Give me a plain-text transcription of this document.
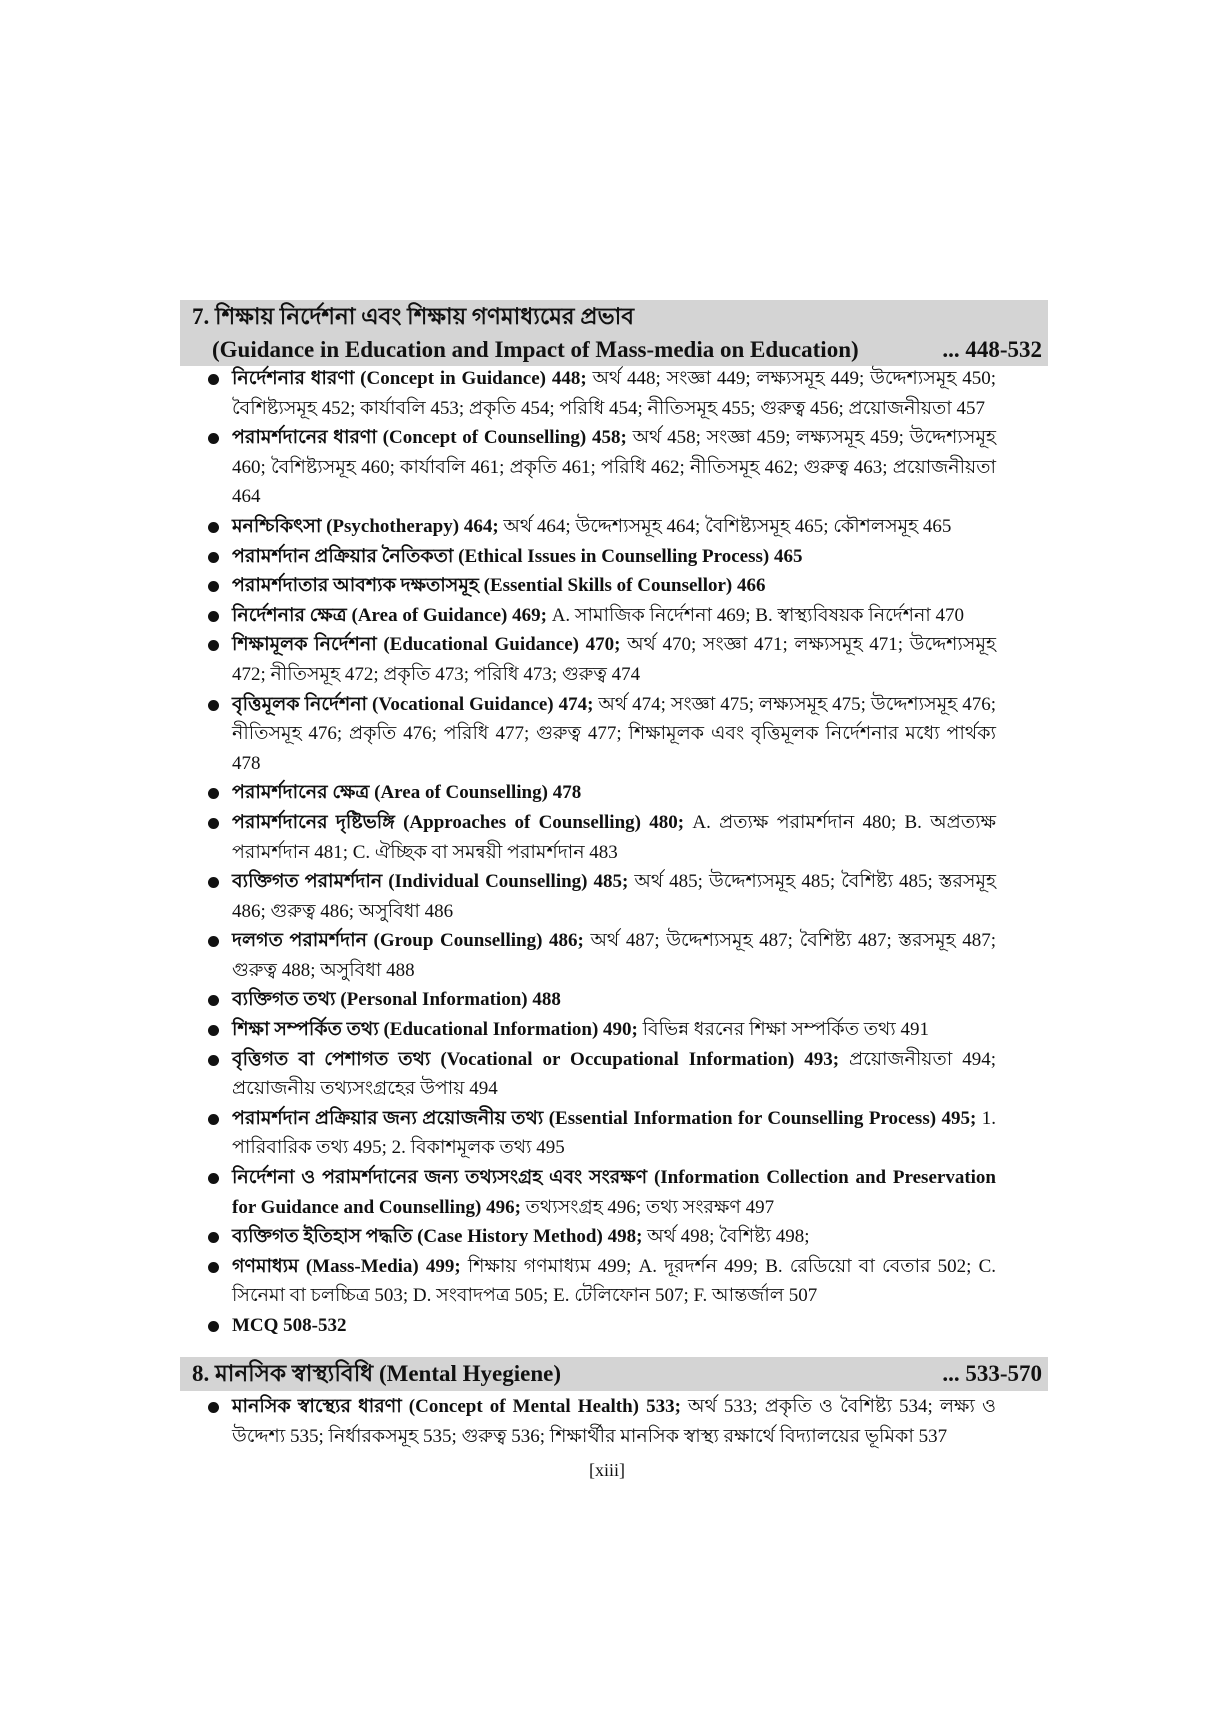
7. শিক্ষায় নির্দেশনা এবং শিক্ষায় গণমাধ্যমের প্রভাব
(Guidance in Education and Impact of Mass-media on Education)	... 448-532
নির্দেশনার ধারণা (Concept in Guidance) 448; অর্থ 448; সংজ্ঞা 449; লক্ষ্যসমূহ 449; উদ্দেশ্যসমূহ 450; বৈশিষ্ট্যসমূহ 452; কার্যাবলি 453; প্রকৃতি 454; পরিধি 454; নীতিসমূহ 455; গুরুত্ব 456; প্রয়োজনীয়তা 457
পরামর্শদানের ধারণা (Concept of Counselling) 458; অর্থ 458; সংজ্ঞা 459; লক্ষ্যসমূহ 459; উদ্দেশ্যসমূহ 460; বৈশিষ্ট্যসমূহ 460; কার্যাবলি 461; প্রকৃতি 461; পরিধি 462; নীতিসমূহ 462; গুরুত্ব 463; প্রয়োজনীয়তা 464
মনশ্চিকিৎসা (Psychotherapy) 464; অর্থ 464; উদ্দেশ্যসমূহ 464; বৈশিষ্ট্যসমূহ 465; কৌশলসমূহ 465
পরামর্শদান প্রক্রিয়ার নৈতিকতা (Ethical Issues in Counselling Process) 465
পরামর্শদাতার আবশ্যক দক্ষতাসমূহ (Essential Skills of Counsellor) 466
নির্দেশনার ক্ষেত্র (Area of Guidance) 469; A. সামাজিক নির্দেশনা 469; B. স্বাস্থ্যবিষয়ক নির্দেশনা 470
শিক্ষামূলক নির্দেশনা (Educational Guidance) 470; অর্থ 470; সংজ্ঞা 471; লক্ষ্যসমূহ 471; উদ্দেশ্যসমূহ 472; নীতিসমূহ 472; প্রকৃতি 473; পরিধি 473; গুরুত্ব 474
বৃত্তিমূলক নির্দেশনা (Vocational Guidance) 474; অর্থ 474; সংজ্ঞা 475; লক্ষ্যসমূহ 475; উদ্দেশ্যসমূহ 476; নীতিসমূহ 476; প্রকৃতি 476; পরিধি 477; গুরুত্ব 477; শিক্ষামূলক এবং বৃত্তিমূলক নির্দেশনার মধ্যে পার্থক্য 478
পরামর্শদানের ক্ষেত্র (Area of Counselling) 478
পরামর্শদানের দৃষ্টিভঙ্গি (Approaches of Counselling) 480; A. প্রত্যক্ষ পরামর্শদান 480; B. অপ্রত্যক্ষ পরামর্শদান 481; C. ঐচ্ছিক বা সমন্বয়ী পরামর্শদান 483
ব্যক্তিগত পরামর্শদান (Individual Counselling) 485; অর্থ 485; উদ্দেশ্যসমূহ 485; বৈশিষ্ট্য 485; স্তরসমূহ 486; গুরুত্ব 486; অসুবিধা 486
দলগত পরামর্শদান (Group Counselling) 486; অর্থ 487; উদ্দেশ্যসমূহ 487; বৈশিষ্ট্য 487; স্তরসমূহ 487; গুরুত্ব 488; অসুবিধা 488
ব্যক্তিগত তথ্য (Personal Information) 488
শিক্ষা সম্পর্কিত তথ্য (Educational Information) 490; বিভিন্ন ধরনের শিক্ষা সম্পর্কিত তথ্য 491
বৃত্তিগত বা পেশাগত তথ্য (Vocational or Occupational Information) 493; প্রয়োজনীয়তা 494; প্রয়োজনীয় তথ্যসংগ্রহের উপায় 494
পরামর্শদান প্রক্রিয়ার জন্য প্রয়োজনীয় তথ্য (Essential Information for Counselling Process) 495; 1. পারিবারিক তথ্য 495; 2. বিকাশমূলক তথ্য 495
নির্দেশনা ও পরামর্শদানের জন্য তথ্যসংগ্রহ এবং সংরক্ষণ (Information Collection and Preservation for Guidance and Counselling) 496; তথ্যসংগ্রহ 496; তথ্য সংরক্ষণ 497
ব্যক্তিগত ইতিহাস পদ্ধতি (Case History Method) 498; অর্থ 498; বৈশিষ্ট্য 498;
গণমাধ্যম (Mass-Media) 499; শিক্ষায় গণমাধ্যম 499; A. দূরদর্শন 499; B. রেডিয়ো বা বেতার 502; C. সিনেমা বা চলচ্চিত্র 503; D. সংবাদপত্র 505; E. টেলিফোন 507; F. আন্তর্জাল 507
MCQ 508-532
8. মানসিক স্বাস্থ্যবিধি (Mental Hyegiene)	... 533-570
মানসিক স্বাস্থ্যের ধারণা (Concept of Mental Health) 533; অর্থ 533; প্রকৃতি ও বৈশিষ্ট্য 534; লক্ষ্য ও উদ্দেশ্য 535; নির্ধারকসমূহ 535; গুরুত্ব 536; শিক্ষার্থীর মানসিক স্বাস্থ্য রক্ষার্থে বিদ্যালয়ের ভূমিকা 537
[xiii]
